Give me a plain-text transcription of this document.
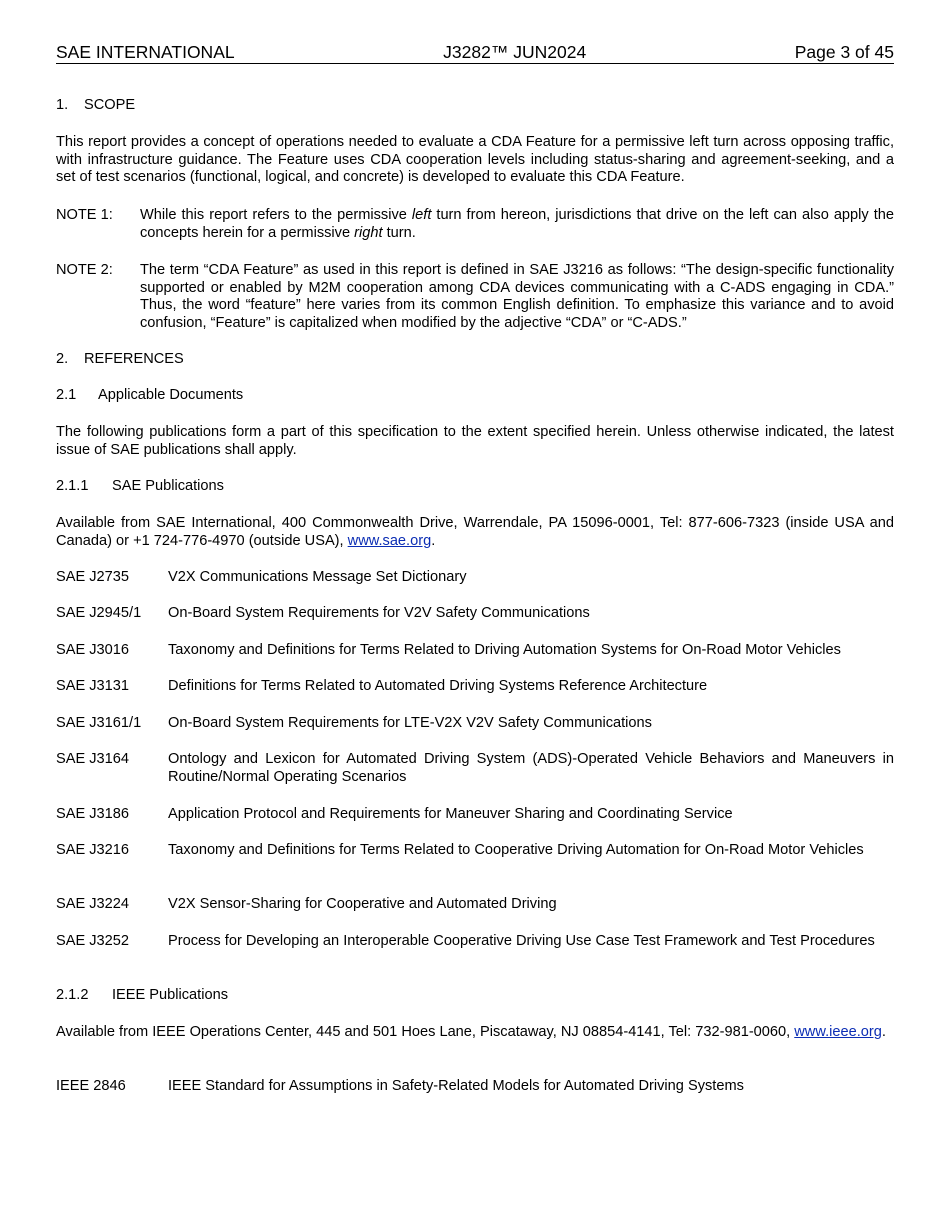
SAE INTERNATIONAL	J3282™ JUN2024	Page 3 of 45
1. SCOPE
This report provides a concept of operations needed to evaluate a CDA Feature for a permissive left turn across opposing traffic, with infrastructure guidance. The Feature uses CDA cooperation levels including status-sharing and agreement-seeking, and a set of test scenarios (functional, logical, and concrete) is developed to evaluate this CDA Feature.
NOTE 1:	While this report refers to the permissive left turn from hereon, jurisdictions that drive on the left can also apply the concepts herein for a permissive right turn.
NOTE 2:	The term “CDA Feature” as used in this report is defined in SAE J3216 as follows: “The design-specific functionality supported or enabled by M2M cooperation among CDA devices communicating with a C-ADS engaging in CDA.” Thus, the word “feature” here varies from its common English definition. To emphasize this variance and to avoid confusion, “Feature” is capitalized when modified by the adjective “CDA” or “C-ADS.”
2. REFERENCES
2.1 Applicable Documents
The following publications form a part of this specification to the extent specified herein. Unless otherwise indicated, the latest issue of SAE publications shall apply.
2.1.1 SAE Publications
Available from SAE International, 400 Commonwealth Drive, Warrendale, PA 15096-0001, Tel: 877-606-7323 (inside USA and Canada) or +1 724-776-4970 (outside USA), www.sae.org.
SAE J2735	V2X Communications Message Set Dictionary
SAE J2945/1	On-Board System Requirements for V2V Safety Communications
SAE J3016	Taxonomy and Definitions for Terms Related to Driving Automation Systems for On-Road Motor Vehicles
SAE J3131	Definitions for Terms Related to Automated Driving Systems Reference Architecture
SAE J3161/1	On-Board System Requirements for LTE-V2X V2V Safety Communications
SAE J3164	Ontology and Lexicon for Automated Driving System (ADS)-Operated Vehicle Behaviors and Maneuvers in Routine/Normal Operating Scenarios
SAE J3186	Application Protocol and Requirements for Maneuver Sharing and Coordinating Service
SAE J3216	Taxonomy and Definitions for Terms Related to Cooperative Driving Automation for On-Road Motor Vehicles
SAE J3224	V2X Sensor-Sharing for Cooperative and Automated Driving
SAE J3252	Process for Developing an Interoperable Cooperative Driving Use Case Test Framework and Test Procedures
2.1.2 IEEE Publications
Available from IEEE Operations Center, 445 and 501 Hoes Lane, Piscataway, NJ 08854-4141, Tel: 732-981-0060, www.ieee.org.
IEEE 2846	IEEE Standard for Assumptions in Safety-Related Models for Automated Driving Systems
